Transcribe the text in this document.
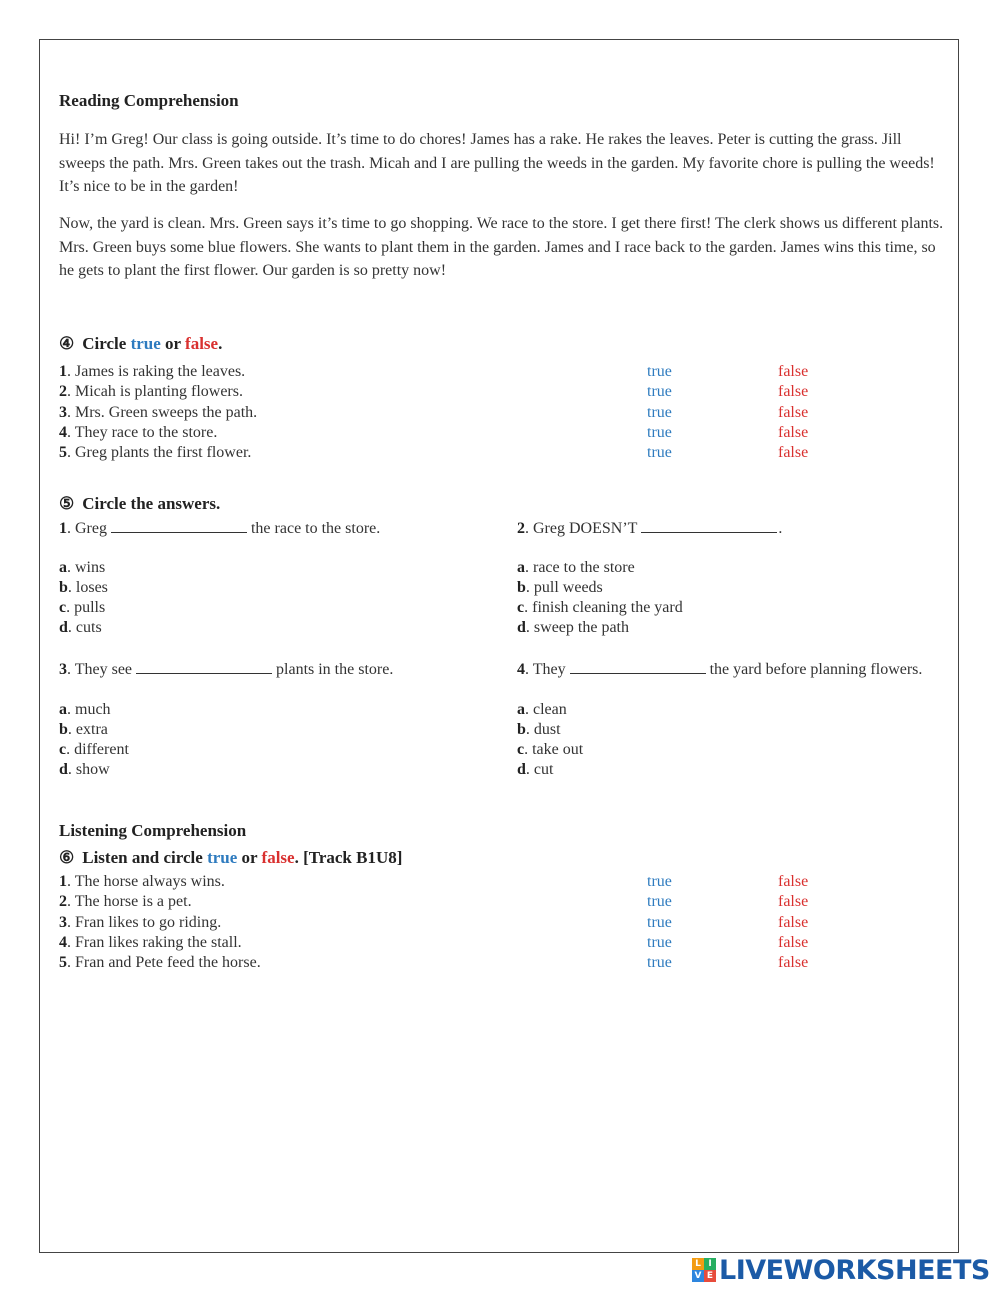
Reading Comprehension
Hi! I’m Greg! Our class is going outside. It’s time to do chores! James has a rake. He rakes the leaves. Peter is cutting the grass. Jill sweeps the path. Mrs. Green takes out the trash. Micah and I are pulling the weeds in the garden. My favorite chore is pulling the weeds! It’s nice to be in the garden!
Now, the yard is clean. Mrs. Green says it’s time to go shopping. We race to the store. I get there first! The clerk shows us different plants. Mrs. Green buys some blue flowers. She wants to plant them in the garden. James and I race back to the garden. James wins this time, so he gets to plant the first flower. Our garden is so pretty now!
④ Circle true or false.
1. James is raking the leaves.	true	false
2. Micah is planting flowers.	true	false
3. Mrs. Green sweeps the path.	true	false
4. They race to the store.	true	false
5. Greg plants the first flower.	true	false
⑤ Circle the answers.
1. Greg	the race to the store.
a. wins
b. loses
c. pulls
d. cuts
2. Greg DOESN’T	.
a. race to the store
b. pull weeds
c. finish cleaning the yard
d. sweep the path
3. They see	plants in the store.
a. much
b. extra
c. different
d. show
4. They	the yard before planning flowers.
a. clean
b. dust
c. take out
d. cut
Listening Comprehension
⑥ Listen and circle true or false. [Track B1U8]
1. The horse always wins.	true	false
2. The horse is a pet.	true	false
3. Fran likes to go riding.	true	false
4. Fran likes raking the stall.	true	false
5. Fran and Pete feed the horse.	true	false
L I
V E LIVEWORKSHEETS
